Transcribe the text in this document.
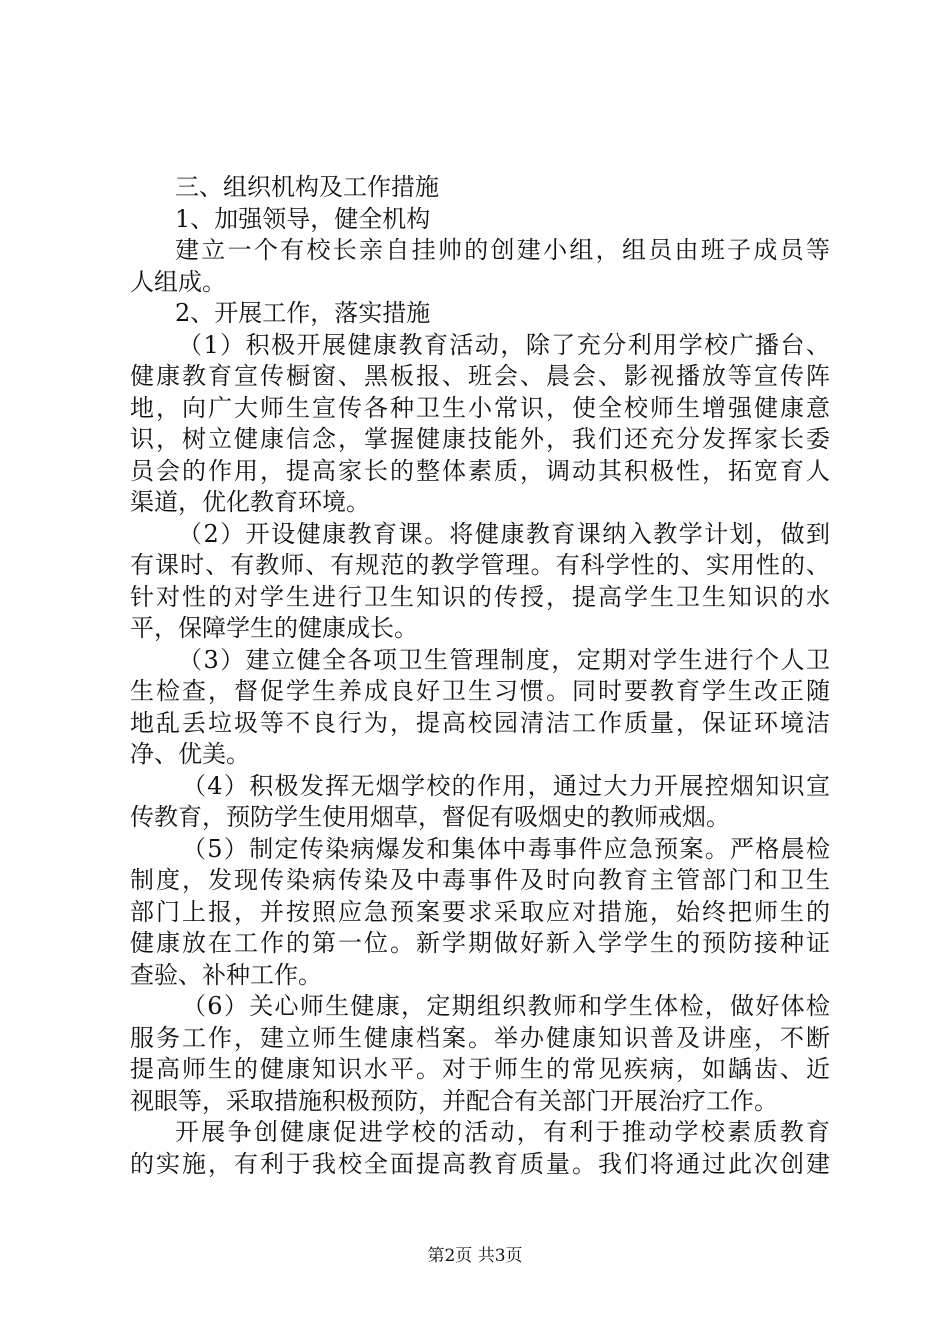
三、组织机构及工作措施
1、加强领导，健全机构
建立一个有校长亲自挂帅的创建小组，组员由班子成员等
人组成。
2、开展工作，落实措施
（1）积极开展健康教育活动，除了充分利用学校广播台、
健康教育宣传橱窗、黑板报、班会、晨会、影视播放等宣传阵
地，向广大师生宣传各种卫生小常识，使全校师生增强健康意
识，树立健康信念，掌握健康技能外，我们还充分发挥家长委
员会的作用，提高家长的整体素质，调动其积极性，拓宽育人
渠道，优化教育环境。
（2）开设健康教育课。将健康教育课纳入教学计划，做到
有课时、有教师、有规范的教学管理。有科学性的、实用性的、
针对性的对学生进行卫生知识的传授，提高学生卫生知识的水
平，保障学生的健康成长。
（3）建立健全各项卫生管理制度，定期对学生进行个人卫
生检查，督促学生养成良好卫生习惯。同时要教育学生改正随
地乱丢垃圾等不良行为，提高校园清洁工作质量，保证环境洁
净、优美。
（4）积极发挥无烟学校的作用，通过大力开展控烟知识宣
传教育，预防学生使用烟草，督促有吸烟史的教师戒烟。
（5）制定传染病爆发和集体中毒事件应急预案。严格晨检
制度，发现传染病传染及中毒事件及时向教育主管部门和卫生
部门上报，并按照应急预案要求采取应对措施，始终把师生的
健康放在工作的第一位。新学期做好新入学学生的预防接种证
查验、补种工作。
（6）关心师生健康，定期组织教师和学生体检，做好体检
服务工作，建立师生健康档案。举办健康知识普及讲座，不断
提高师生的健康知识水平。对于师生的常见疾病，如龋齿、近
视眼等，采取措施积极预防，并配合有关部门开展治疗工作。
开展争创健康促进学校的活动，有利于推动学校素质教育
的实施，有利于我校全面提高教育质量。我们将通过此次创建
第2页 共3页
